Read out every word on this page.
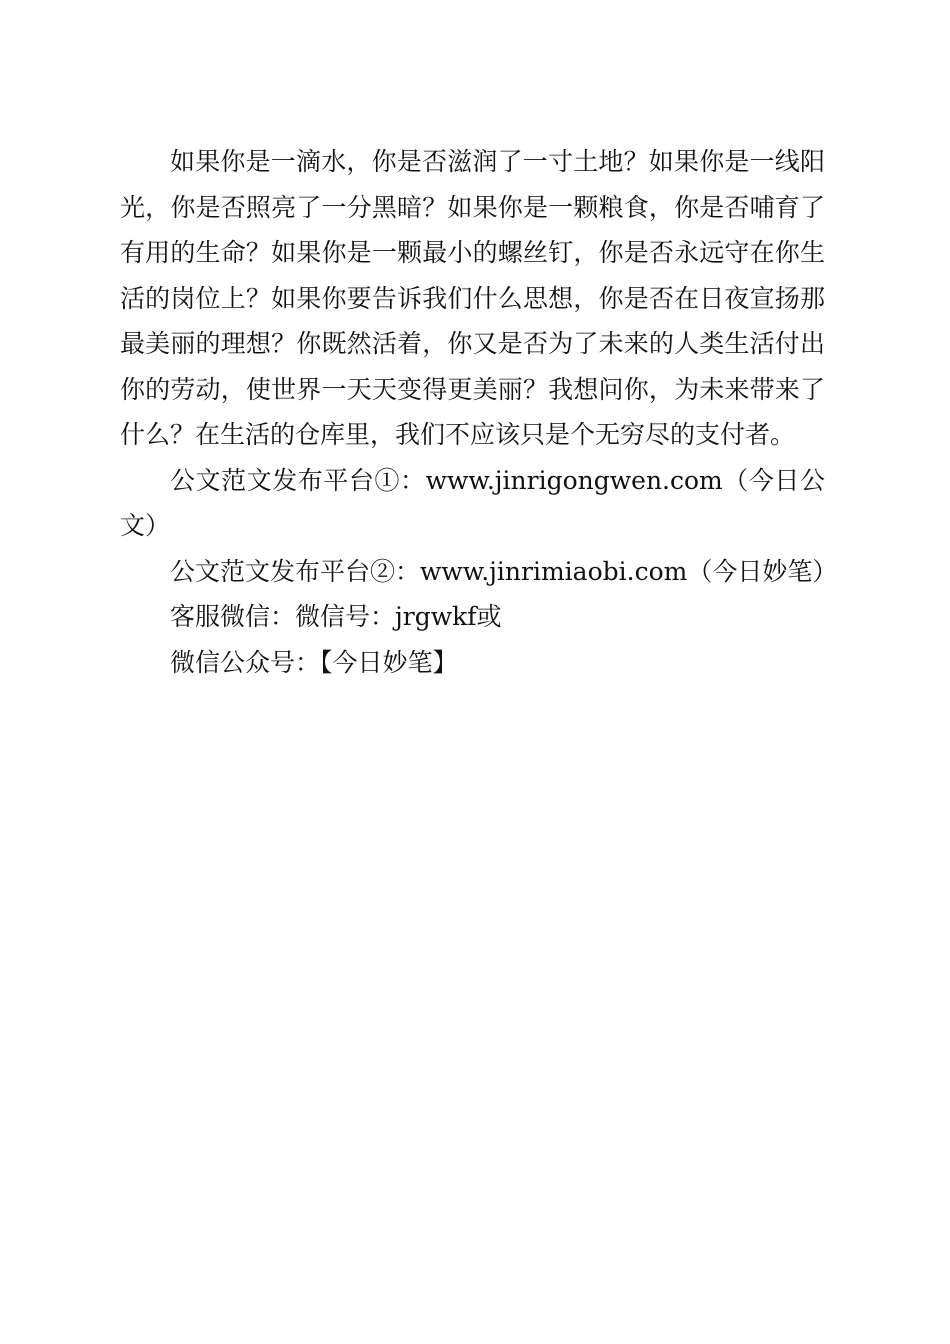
如果你是一滴水，你是否滋润了一寸土地？如果你是一线阳光，你是否照亮了一分黑暗？如果你是一颗粮食，你是否哺育了有用的生命？如果你是一颗最小的螺丝钉，你是否永远守在你生活的岗位上？如果你要告诉我们什么思想，你是否在日夜宣扬那最美丽的理想？你既然活着，你又是否为了未来的人类生活付出你的劳动，使世界一天天变得更美丽？我想问你，为未来带来了什么？在生活的仓库里，我们不应该只是个无穷尽的支付者。

公文范文发布平台①：www.jinrigongwen.com（今日公文）

公文范文发布平台②：www.jinrimiaobi.com（今日妙笔）

客服微信：微信号：jrgwkf或

微信公众号：【今日妙笔】
